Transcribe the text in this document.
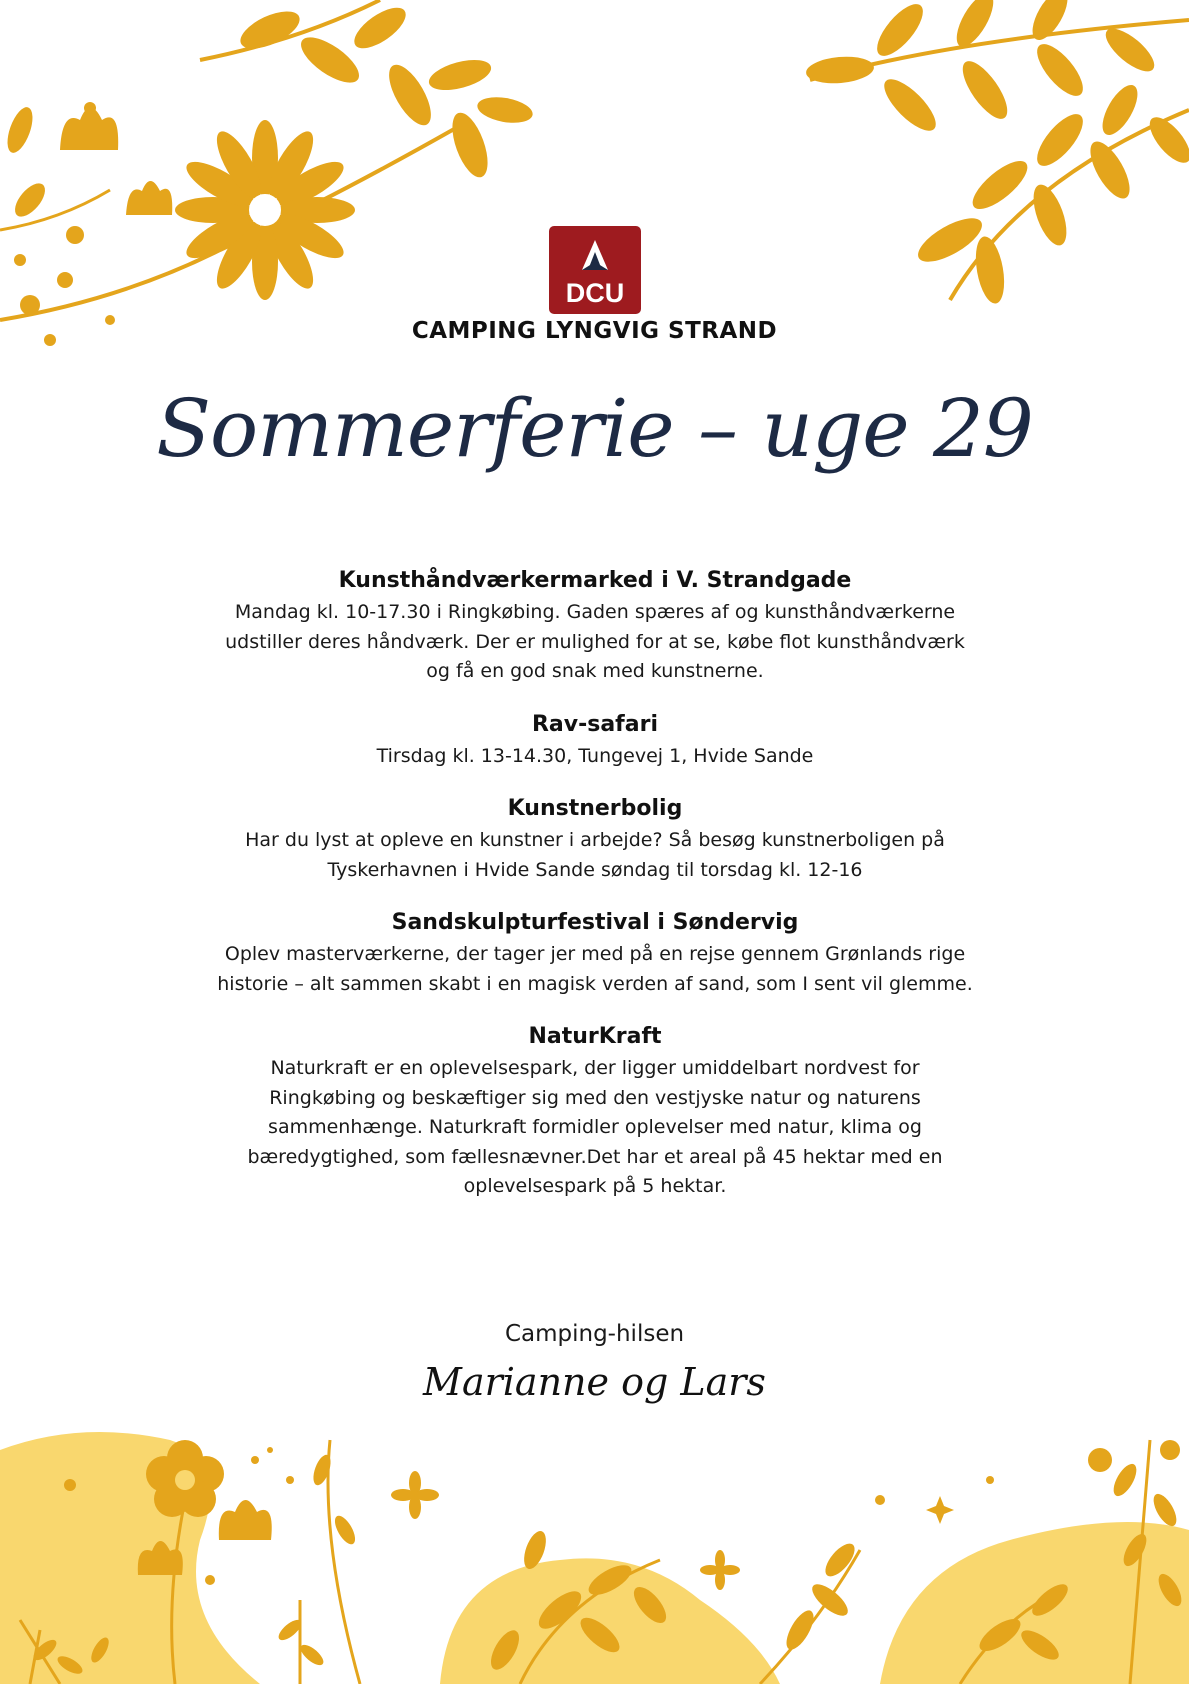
DCU
CAMPING LYNGVIG STRAND
Sommerferie – uge 29
Kunsthåndværkermarked i V. Strandgade
Mandag kl. 10-17.30 i Ringkøbing. Gaden spæres af og kunsthåndværkerne
udstiller deres håndværk. Der er mulighed for at se, købe flot kunsthåndværk
og få en god snak med kunstnerne.
Rav-safari
Tirsdag kl. 13-14.30, Tungevej 1, Hvide Sande
Kunstnerbolig
Har du lyst at opleve en kunstner i arbejde? Så besøg kunstnerboligen på
Tyskerhavnen i Hvide Sande søndag til torsdag kl. 12-16
Sandskulpturfestival i Søndervig
Oplev masterværkerne, der tager jer med på en rejse gennem Grønlands rige
historie – alt sammen skabt i en magisk verden af sand, som I sent vil glemme.
NaturKraft
Naturkraft er en oplevelsespark, der ligger umiddelbart nordvest for
Ringkøbing og beskæftiger sig med den vestjyske natur og naturens
sammenhænge. Naturkraft formidler oplevelser med natur, klima og
bæredygtighed, som fællesnævner.Det har et areal på 45 hektar med en
oplevelsespark på 5 hektar.
Camping-hilsen
Marianne og Lars
